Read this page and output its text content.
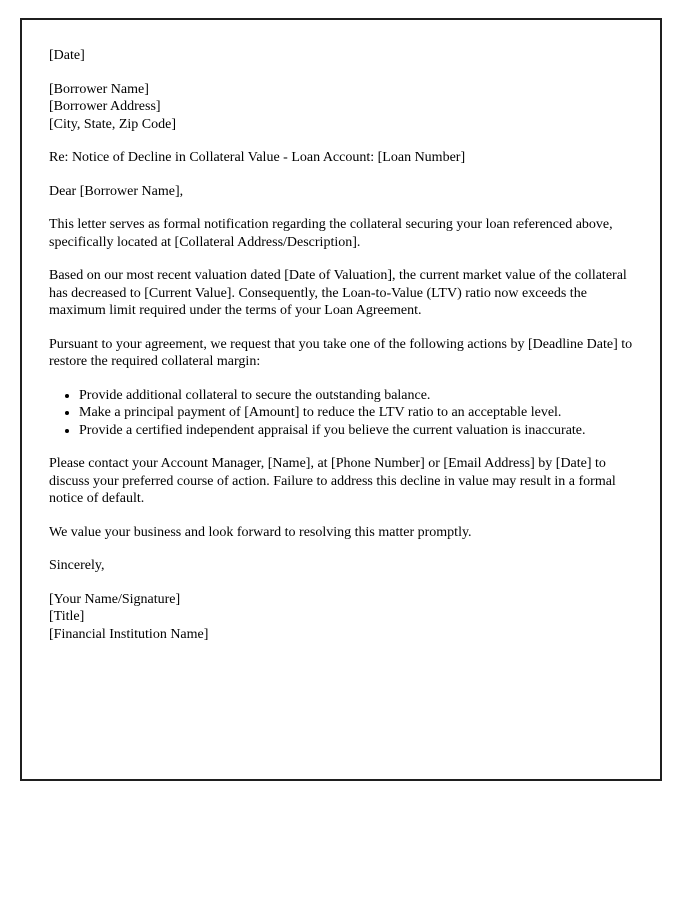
[Date]

[Borrower Name]
[Borrower Address]
[City, State, Zip Code]

Re: Notice of Decline in Collateral Value - Loan Account: [Loan Number]

Dear [Borrower Name],

This letter serves as formal notification regarding the collateral securing your loan referenced above, specifically located at [Collateral Address/Description].

Based on our most recent valuation dated [Date of Valuation], the current market value of the collateral has decreased to [Current Value]. Consequently, the Loan-to-Value (LTV) ratio now exceeds the maximum limit required under the terms of your Loan Agreement.

Pursuant to your agreement, we request that you take one of the following actions by [Deadline Date] to restore the required collateral margin:

• Provide additional collateral to secure the outstanding balance.
• Make a principal payment of [Amount] to reduce the LTV ratio to an acceptable level.
• Provide a certified independent appraisal if you believe the current valuation is inaccurate.

Please contact your Account Manager, [Name], at [Phone Number] or [Email Address] by [Date] to discuss your preferred course of action. Failure to address this decline in value may result in a formal notice of default.

We value your business and look forward to resolving this matter promptly.

Sincerely,

[Your Name/Signature]
[Title]
[Financial Institution Name]
